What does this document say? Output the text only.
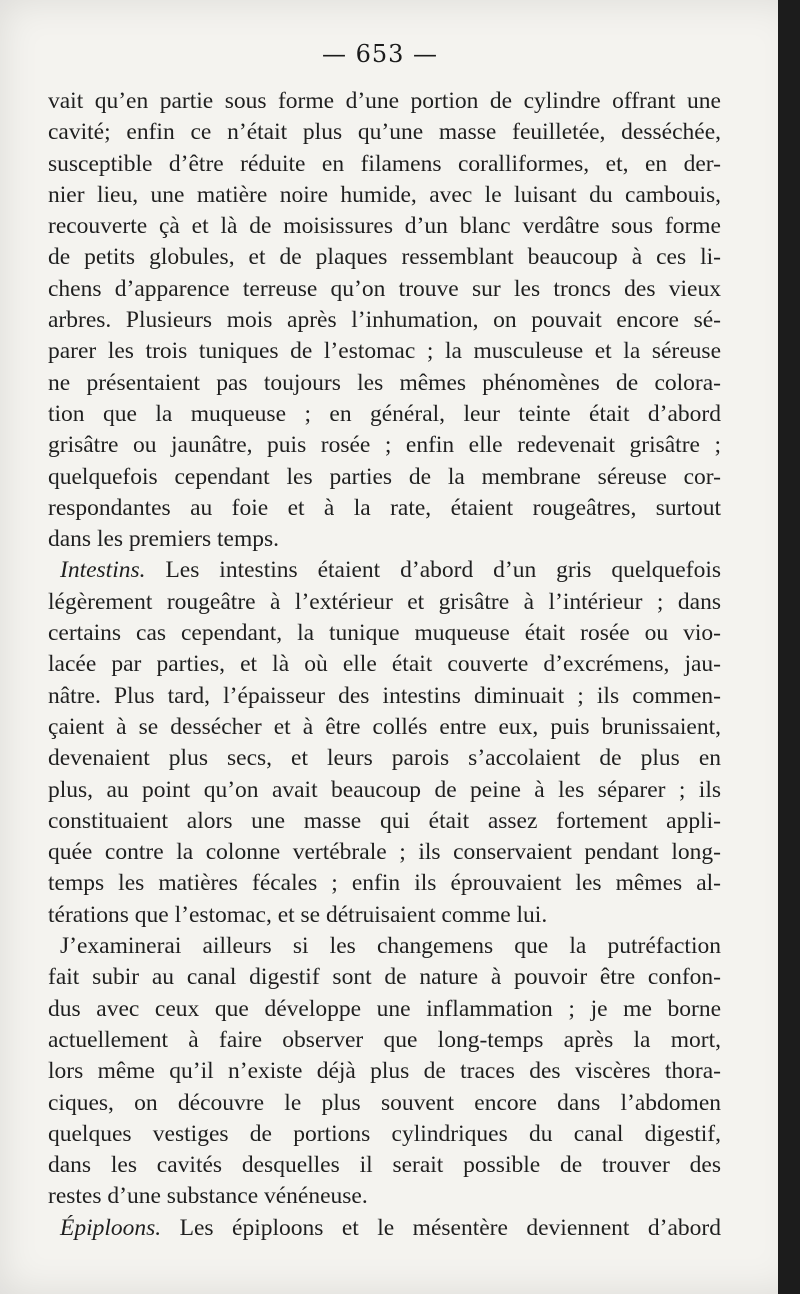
— 653 —
vait qu’en partie sous forme d’une portion de cylindre offrant une
cavité; enfin ce n’était plus qu’une masse feuilletée, desséchée,
susceptible d’être réduite en filamens coralliformes, et, en der-
nier lieu, une matière noire humide, avec le luisant du cambouis,
recouverte çà et là de moisissures d’un blanc verdâtre sous forme
de petits globules, et de plaques ressemblant beaucoup à ces li-
chens d’apparence terreuse qu’on trouve sur les troncs des vieux
arbres. Plusieurs mois après l’inhumation, on pouvait encore sé-
parer les trois tuniques de l’estomac ; la musculeuse et la séreuse
ne présentaient pas toujours les mêmes phénomènes de colora-
tion que la muqueuse ; en général, leur teinte était d’abord
grisâtre ou jaunâtre, puis rosée ; enfin elle redevenait grisâtre ;
quelquefois cependant les parties de la membrane séreuse cor-
respondantes au foie et à la rate, étaient rougeâtres, surtout
dans les premiers temps.
Intestins. Les intestins étaient d’abord d’un gris quelquefois
légèrement rougeâtre à l’extérieur et grisâtre à l’intérieur ; dans
certains cas cependant, la tunique muqueuse était rosée ou vio-
lacée par parties, et là où elle était couverte d’excrémens, jau-
nâtre. Plus tard, l’épaisseur des intestins diminuait ; ils commen-
çaient à se dessécher et à être collés entre eux, puis brunissaient,
devenaient plus secs, et leurs parois s’accolaient de plus en
plus, au point qu’on avait beaucoup de peine à les séparer ; ils
constituaient alors une masse qui était assez fortement appli-
quée contre la colonne vertébrale ; ils conservaient pendant long-
temps les matières fécales ; enfin ils éprouvaient les mêmes al-
térations que l’estomac, et se détruisaient comme lui.
J’examinerai ailleurs si les changemens que la putréfaction
fait subir au canal digestif sont de nature à pouvoir être confon-
dus avec ceux que développe une inflammation ; je me borne
actuellement à faire observer que long-temps après la mort,
lors même qu’il n’existe déjà plus de traces des viscères thora-
ciques, on découvre le plus souvent encore dans l’abdomen
quelques vestiges de portions cylindriques du canal digestif,
dans les cavités desquelles il serait possible de trouver des
restes d’une substance vénéneuse.
Épiploons. Les épiploons et le mésentère deviennent d’abord
